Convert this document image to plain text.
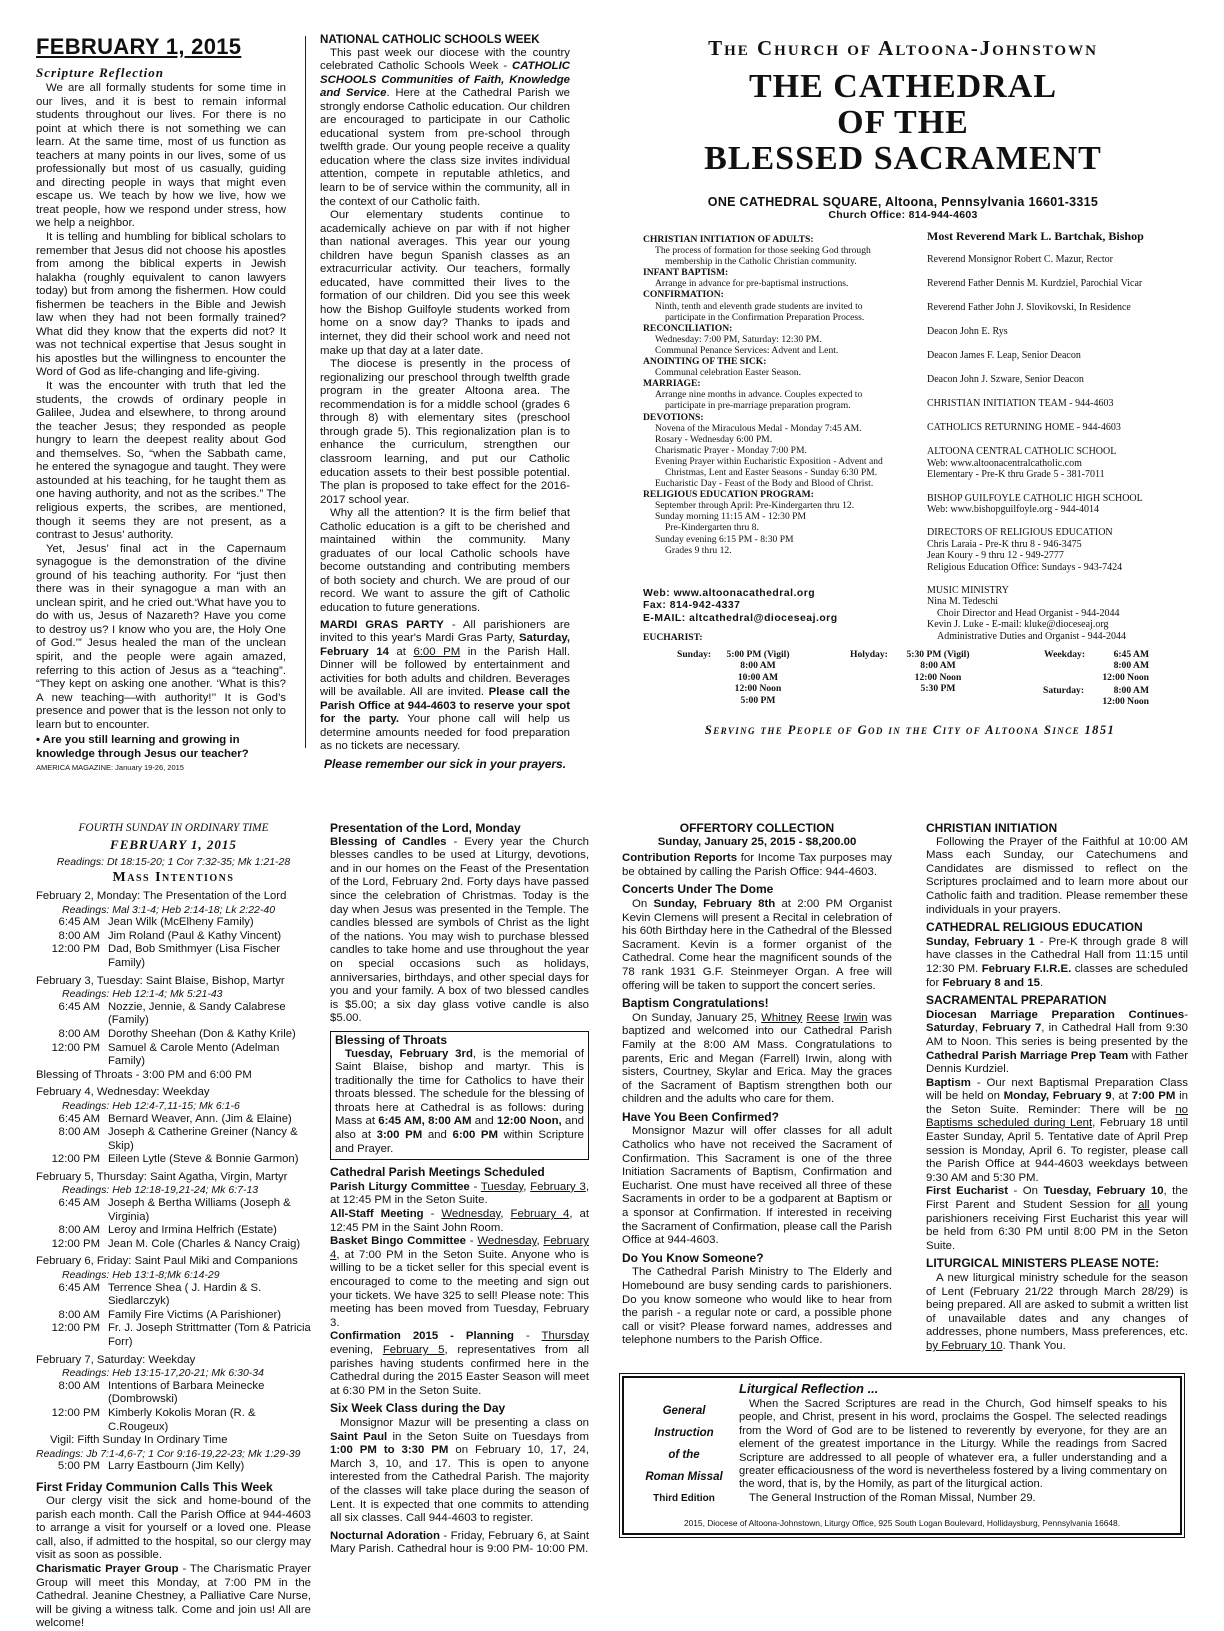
FEBRUARY 1, 2015
Scripture Reflection

We are all formally students for some time in our lives, and it is best to remain informal students throughout our lives. For there is no point at which there is not something we can learn. At the same time, most of us function as teachers at many points in our lives, some of us professionally but most of us casually, guiding and directing people in ways that might even escape us. We teach by how we live, how we treat people, how we respond under stress, how we help a neighbor.

It is telling and humbling for biblical scholars to remember that Jesus did not choose his apostles from among the biblical experts in Jewish halakha (roughly equivalent to canon lawyers today) but from among the fishermen. How could fishermen be teachers in the Bible and Jewish law when they had not been formally trained? What did they know that the experts did not? It was not technical expertise that Jesus sought in his apostles but the willingness to encounter the Word of God as life-changing and life-giving.

It was the encounter with truth that led the students, the crowds of ordinary people in Galilee, Judea and elsewhere, to throng around the teacher Jesus; they responded as people hungry to learn the deepest reality about God and themselves. So, “when the Sabbath came, he entered the synagogue and taught. They were astounded at his teaching, for he taught them as one having authority, and not as the scribes.” The religious experts, the scribes, are mentioned, though it seems they are not present, as a contrast to Jesus’ authority.

Yet, Jesus’ final act in the Capernaum synagogue is the demonstration of the divine ground of his teaching authority. For “just then there was in their synagogue a man with an unclean spirit, and he cried out.‘What have you to do with us, Jesus of Nazareth? Have you come to destroy us? I know who you are, the Holy One of God.’” Jesus healed the man of the unclean spirit, and the people were again amazed, referring to this action of Jesus as a “teaching”. “They kept on asking one another. ‘What is this? A new teaching—with authority!’’ It is God’s presence and power that is the lesson not only to learn but to encounter.

• Are you still learning and growing in knowledge through Jesus our teacher?
AMERICA MAGAZINE: January 19-26, 2015
NATIONAL CATHOLIC SCHOOLS WEEK

This past week our diocese with the country celebrated Catholic Schools Week - CATHOLIC SCHOOLS Communities of Faith, Knowledge and Service. Here at the Cathedral Parish we strongly endorse Catholic education. Our children are encouraged to participate in our Catholic educational system from pre-school through twelfth grade. Our young people receive a quality education where the class size invites individual attention, compete in reputable athletics, and learn to be of service within the community, all in the context of our Catholic faith.

Our elementary students continue to academically achieve on par with if not higher than national averages. This year our young children have begun Spanish classes as an extracurricular activity. Our teachers, formally educated, have committed their lives to the formation of our children. Did you see this week how the Bishop Guilfoyle students worked from home on a snow day? Thanks to ipads and internet, they did their school work and need not make up that day at a later date.

The diocese is presently in the process of regionalizing our preschool through twelfth grade program in the greater Altoona area. The recommendation is for a middle school (grades 6 through 8) with elementary sites (preschool through grade 5). This regionalization plan is to enhance the curriculum, strengthen our classroom learning, and put our Catholic education assets to their best possible potential. The plan is proposed to take effect for the 2016-2017 school year.

Why all the attention? It is the firm belief that Catholic education is a gift to be cherished and maintained within the community. Many graduates of our local Catholic schools have become outstanding and contributing members of both society and church. We are proud of our record. We want to assure the gift of Catholic education to future generations.

MARDI GRAS PARTY - All parishioners are invited to this year's Mardi Gras Party, Saturday, February 14 at 6:00 PM in the Parish Hall. Dinner will be followed by entertainment and activities for both adults and children. Beverages will be available. All are invited. Please call the Parish Office at 944-4603 to reserve your spot for the party. Your phone call will help us determine amounts needed for food preparation as no tickets are necessary.

Please remember our sick in your prayers.
The Church of Altoona-Johnstown
THE CATHEDRAL
OF THE
BLESSED SACRAMENT
ONE CATHEDRAL SQUARE, Altoona, Pennsylvania 16601-3315
Church Office: 814-944-4603
CHRISTIAN INITIATION OF ADULTS:
The process of formation for those seeking God through
membership in the Catholic Christian community.
INFANT BAPTISM:
Arrange in advance for pre-baptismal instructions.
CONFIRMATION:
Ninth, tenth and eleventh grade students are invited to
participate in the Confirmation Preparation Process.
RECONCILIATION:
Wednesday: 7:00 PM, Saturday: 12:30 PM.
Communal Penance Services: Advent and Lent.
ANOINTING OF THE SICK:
Communal celebration Easter Season.
MARRIAGE:
Arrange nine months in advance. Couples expected to
participate in pre-marriage preparation program.
DEVOTIONS:
Novena of the Miraculous Medal - Monday 7:45 AM.
Rosary - Wednesday 6:00 PM.
Charismatic Prayer - Monday 7:00 PM.
Evening Prayer within Eucharistic Exposition - Advent and
Christmas, Lent and Easter Seasons - Sunday 6:30 PM.
Eucharistic Day - Feast of the Body and Blood of Christ.
RELIGIOUS EDUCATION PROGRAM:
September through April: Pre-Kindergarten thru 12.
Sunday morning 11:15 AM - 12:30 PM
Pre-Kindergarten thru 8.
Sunday evening 6:15 PM - 8:30 PM
Grades 9 thru 12.
Web: www.altoonacathedral.org
Fax: 814-942-4337
E-MAIL: altcathedral@dioceseaj.org
EUCHARIST:
Sunday:	5:00 PM (Vigil)
8:00 AM
10:00 AM
12:00 Noon
5:00 PM
Holyday:	5:30 PM (Vigil)
8:00 AM
12:00 Noon
5:30 PM
Weekday:	6:45 AM
8:00 AM
12:00 Noon
Saturday:	8:00 AM
12:00 Noon
Most Reverend Mark L. Bartchak, Bishop
Reverend Monsignor Robert C. Mazur, Rector
Reverend Father Dennis M. Kurdziel, Parochial Vicar
Reverend Father John J. Slovikovski, In Residence
Deacon John E. Rys
Deacon James F. Leap, Senior Deacon
Deacon John J. Szware, Senior Deacon
CHRISTIAN INITIATION TEAM - 944-4603
CATHOLICS RETURNING HOME - 944-4603
ALTOONA CENTRAL CATHOLIC SCHOOL
Web: www.altoonacentralcatholic.com
Elementary - Pre-K thru Grade 5 - 381-7011
BISHOP GUILFOYLE CATHOLIC HIGH SCHOOL
Web: www.bishopguilfoyle.org - 944-4014
DIRECTORS OF RELIGIOUS EDUCATION
Chris Laraia - Pre-K thru 8 - 946-3475
Jean Koury - 9 thru 12 - 949-2777
Religious Education Office: Sundays - 943-7424
MUSIC MINISTRY
Nina M. Tedeschi
Choir Director and Head Organist - 944-2044
Kevin J. Luke - E-mail: kluke@dioceseaj.org
Administrative Duties and Organist - 944-2044
Serving the People of God in the City of Altoona Since 1851
FOURTH SUNDAY IN ORDINARY TIME
FEBRUARY 1, 2015
Readings: Dt 18:15-20; 1 Cor 7:32-35; Mk 1:21-28
Mass Intentions
February 2, Monday: The Presentation of the Lord
Readings: Mal 3:1-4; Heb 2:14-18; Lk 2:22-40
6:45 AM Jean Wilk (McElheny Family)
8:00 AM Jim Roland (Paul & Kathy Vincent)
12:00 PM Dad, Bob Smithmyer (Lisa Fischer Family)
February 3, Tuesday: Saint Blaise, Bishop, Martyr
Readings: Heb 12:1-4; Mk 5:21-43
6:45 AM Nozzie, Jennie, & Sandy Calabrese (Family)
8:00 AM Dorothy Sheehan (Don & Kathy Krile)
12:00 PM Samuel & Carole Mento (Adelman Family)
Blessing of Throats - 3:00 PM and 6:00 PM
February 4, Wednesday: Weekday
Readings: Heb 12:4-7,11-15; Mk 6:1-6
6:45 AM Bernard Weaver, Ann. (Jim & Elaine)
8:00 AM Joseph & Catherine Greiner (Nancy & Skip)
12:00 PM Eileen Lytle (Steve & Bonnie Garmon)
February 5, Thursday: Saint Agatha, Virgin, Martyr
Readings: Heb 12:18-19,21-24; Mk 6:7-13
6:45 AM Joseph & Bertha Williams (Joseph & Virginia)
8:00 AM Leroy and Irmina Helfrich (Estate)
12:00 PM Jean M. Cole (Charles & Nancy Craig)
February 6, Friday: Saint Paul Miki and Companions
Readings: Heb 13:1-8;Mk 6:14-29
6:45 AM Terrence Shea ( J. Hardin & S. Siedlarczyk)
8:00 AM Family Fire Victims (A Parishioner)
12:00 PM Fr. J. Joseph Strittmatter (Tom & Patricia Forr)
February 7, Saturday: Weekday
Readings: Heb 13:15-17,20-21; Mk 6:30-34
8:00 AM Intentions of Barbara Meinecke (Dombrowski)
12:00 PM Kimberly Kokolis Moran (R. & C.Rougeux)
Vigil: Fifth Sunday In Ordinary Time
Readings: Jb 7:1-4,6-7; 1 Cor 9:16-19,22-23; Mk 1:29-39
5:00 PM Larry Eastbourn (Jim Kelly)
First Friday Communion Calls This Week
Our clergy visit the sick and home-bound of the parish each month. Call the Parish Office at 944-4603 to arrange a visit for yourself or a loved one. Please call, also, if admitted to the hospital, so our clergy may visit as soon as possible.
Charismatic Prayer Group - The Charismatic Prayer Group will meet this Monday, at 7:00 PM in the Cathedral. Jeanine Chestney, a Palliative Care Nurse, will be giving a witness talk. Come and join us! All are welcome!
Presentation of the Lord, Monday
Blessing of Candles - Every year the Church blesses candles to be used at Liturgy, devotions, and in our homes on the Feast of the Presentation of the Lord, February 2nd. Forty days have passed since the celebration of Christmas. Today is the day when Jesus was presented in the Temple. The candles blessed are symbols of Christ as the light of the nations. You may wish to purchase blessed candles to take home and use throughout the year on special occasions such as holidays, anniversaries, birthdays, and other special days for you and your family. A box of two blessed candles is $5.00; a six day glass votive candle is also $5.00.
Blessing of Throats
Tuesday, February 3rd, is the memorial of Saint Blaise, bishop and martyr. This is traditionally the time for Catholics to have their throats blessed. The schedule for the blessing of throats here at Cathedral is as follows: during Mass at 6:45 AM, 8:00 AM and 12:00 Noon, and also at 3:00 PM and 6:00 PM within Scripture and Prayer.
Cathedral Parish Meetings Scheduled
Parish Liturgy Committee - Tuesday, February 3, at 12:45 PM in the Seton Suite.
All-Staff Meeting - Wednesday, February 4, at 12:45 PM in the Saint John Room.
Basket Bingo Committee - Wednesday, February 4, at 7:00 PM in the Seton Suite. Anyone who is willing to be a ticket seller for this special event is encouraged to come to the meeting and sign out your tickets. We have 325 to sell! Please note: This meeting has been moved from Tuesday, February 3.
Confirmation 2015 - Planning - Thursday evening, February 5, representatives from all parishes having students confirmed here in the Cathedral during the 2015 Easter Season will meet at 6:30 PM in the Seton Suite.
Six Week Class during the Day
Monsignor Mazur will be presenting a class on Saint Paul in the Seton Suite on Tuesdays from 1:00 PM to 3:30 PM on February 10, 17, 24, March 3, 10, and 17. This is open to anyone interested from the Cathedral Parish. The majority of the classes will take place during the season of Lent. It is expected that one commits to attending all six classes. Call 944-4603 to register.
Nocturnal Adoration - Friday, February 6, at Saint Mary Parish. Cathedral hour is 9:00 PM- 10:00 PM.
OFFERTORY COLLECTION
Sunday, January 25, 2015 - $8,200.00
Contribution Reports for Income Tax purposes may be obtained by calling the Parish Office: 944-4603.
Concerts Under The Dome
On Sunday, February 8th at 2:00 PM Organist Kevin Clemens will present a Recital in celebration of his 60th Birthday here in the Cathedral of the Blessed Sacrament. Kevin is a former organist of the Cathedral. Come hear the magnificent sounds of the 78 rank 1931 G.F. Steinmeyer Organ. A free will offering will be taken to support the concert series.
Baptism Congratulations!
On Sunday, January 25, Whitney Reese Irwin was baptized and welcomed into our Cathedral Parish Family at the 8:00 AM Mass. Congratulations to parents, Eric and Megan (Farrell) Irwin, along with sisters, Courtney, Skylar and Erica. May the graces of the Sacrament of Baptism strengthen both our children and the adults who care for them.
Have You Been Confirmed?
Monsignor Mazur will offer classes for all adult Catholics who have not received the Sacrament of Confirmation. This Sacrament is one of the three Initiation Sacraments of Baptism, Confirmation and Eucharist. One must have received all three of these Sacraments in order to be a godparent at Baptism or a sponsor at Confirmation. If interested in receiving the Sacrament of Confirmation, please call the Parish Office at 944-4603.
Do You Know Someone?
The Cathedral Parish Ministry to The Elderly and Homebound are busy sending cards to parishioners. Do you know someone who would like to hear from the parish - a regular note or card, a possible phone call or visit? Please forward names, addresses and telephone numbers to the Parish Office.
CHRISTIAN INITIATION
Following the Prayer of the Faithful at 10:00 AM Mass each Sunday, our Catechumens and Candidates are dismissed to reflect on the Scriptures proclaimed and to learn more about our Catholic faith and tradition. Please remember these individuals in your prayers.
CATHEDRAL RELIGIOUS EDUCATION
Sunday, February 1 - Pre-K through grade 8 will have classes in the Cathedral Hall from 11:15 until 12:30 PM. February F.I.R.E. classes are scheduled for February 8 and 15.
SACRAMENTAL PREPARATION
Diocesan Marriage Preparation Continues- Saturday, February 7, in Cathedral Hall from 9:30 AM to Noon. This series is being presented by the Cathedral Parish Marriage Prep Team with Father Dennis Kurdziel.
Baptism - Our next Baptismal Preparation Class will be held on Monday, February 9, at 7:00 PM in the Seton Suite. Reminder: There will be no Baptisms scheduled during Lent, February 18 until Easter Sunday, April 5. Tentative date of April Prep session is Monday, April 6. To register, please call the Parish Office at 944-4603 weekdays between 9:30 AM and 5:30 PM.
First Eucharist - On Tuesday, February 10, the First Parent and Student Session for all young parishioners receiving First Eucharist this year will be held from 6:30 PM until 8:00 PM in the Seton Suite.
LITURGICAL MINISTERS PLEASE NOTE:
A new liturgical ministry schedule for the season of Lent (February 21/22 through March 28/29) is being prepared. All are asked to submit a written list of unavailable dates and any changes of addresses, phone numbers, Mass preferences, etc. by February 10. Thank You.
General
Instruction
of the
Roman Missal
Third Edition
Liturgical Reflection ...
When the Sacred Scriptures are read in the Church, God himself speaks to his people, and Christ, present in his word, proclaims the Gospel. The selected readings from the Word of God are to be listened to reverently by everyone, for they are an element of the greatest importance in the Liturgy. While the readings from Sacred Scripture are addressed to all people of whatever era, a fuller understanding and a greater efficaciousness of the word is nevertheless fostered by a living commentary on the word, that is, by the Homily, as part of the liturgical action.
The General Instruction of the Roman Missal, Number 29.
2015, Diocese of Altoona-Johnstown, Liturgy Office, 925 South Logan Boulevard, Hollidaysburg, Pennsylvania 16648.
